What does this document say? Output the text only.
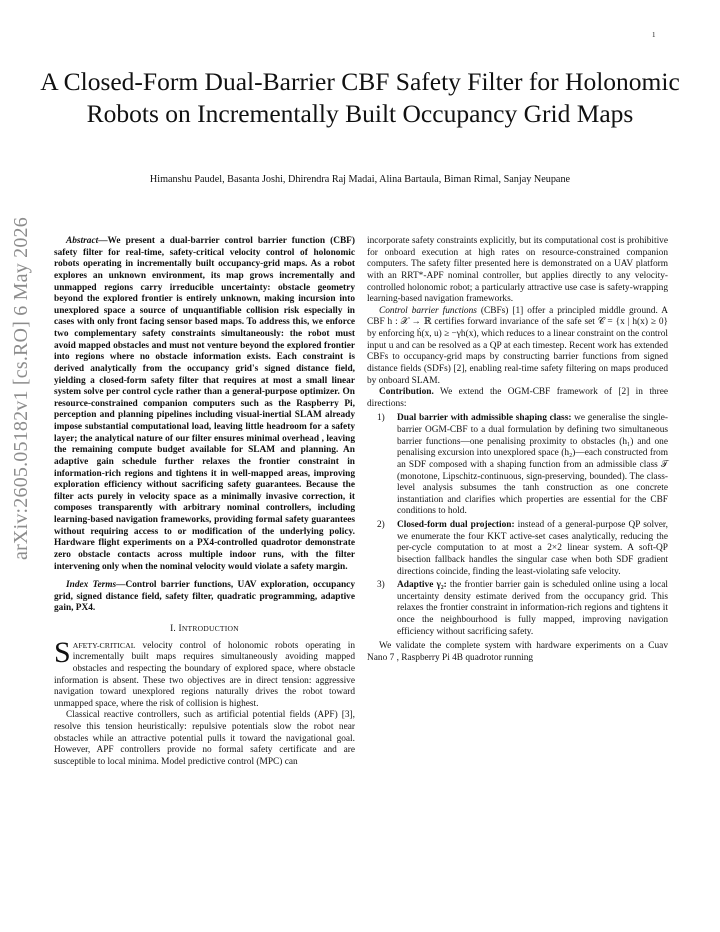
1
arXiv:2605.05182v1 [cs.RO] 6 May 2026
A Closed-Form Dual-Barrier CBF Safety Filter for Holonomic Robots on Incrementally Built Occupancy Grid Maps
Himanshu Paudel, Basanta Joshi, Dhirendra Raj Madai, Alina Bartaula, Biman Rimal, Sanjay Neupane

Abstract—We present a dual-barrier control barrier function (CBF) safety filter for real-time, safety-critical velocity control of holonomic robots operating in incrementally built occupancy-grid maps. As a robot explores an unknown environment, its map grows incrementally and unmapped regions carry irreducible uncertainty: obstacle geometry beyond the explored frontier is entirely unknown, making incursion into unexplored space a source of unquantifiable collision risk especially in cases with only front facing sensor based maps. To address this, we enforce two complementary safety constraints simultaneously: the robot must avoid mapped obstacles and must not venture beyond the explored frontier into regions where no obstacle information exists. Each constraint is derived analytically from the occupancy grid's signed distance field, yielding a closed-form safety filter that requires at most a small linear system solve per control cycle rather than a general-purpose optimizer. On resource-constrained companion computers such as the Raspberry Pi, perception and planning pipelines including visual-inertial SLAM already impose substantial computational load, leaving little headroom for a safety layer; the analytical nature of our filter ensures minimal overhead , leaving the remaining compute budget available for SLAM and planning. An adaptive gain schedule further relaxes the frontier constraint in information-rich regions and tightens it in well-mapped areas, improving exploration efficiency without sacrificing safety guarantees. Because the filter acts purely in velocity space as a minimally invasive correction, it composes transparently with arbitrary nominal controllers, including learning-based navigation frameworks, providing formal safety guarantees without requiring access to or modification of the underlying policy. Hardware flight experiments on a PX4-controlled quadrotor demonstrate zero obstacle contacts across multiple indoor runs, with the filter intervening only when the nominal velocity would violate a safety margin.

Index Terms—Control barrier functions, UAV exploration, occupancy grid, signed distance field, safety filter, quadratic programming, adaptive gain, PX4.

I. INTRODUCTION

SAFETY-CRITICAL velocity control of holonomic robots operating in incrementally built maps requires simultaneously avoiding mapped obstacles and respecting the boundary of explored space, where obstacle information is absent. These two objectives are in direct tension: aggressive navigation toward unexplored regions naturally drives the robot toward unmapped space, where the risk of collision is highest.

Classical reactive controllers, such as artificial potential fields (APF) [3], resolve this tension heuristically: repulsive potentials slow the robot near obstacles while an attractive potential pulls it toward the navigational goal. However, APF controllers provide no formal safety certificate and are susceptible to local minima. Model predictive control (MPC) can

incorporate safety constraints explicitly, but its computational cost is prohibitive for onboard execution at high rates on resource-constrained companion computers. The safety filter presented here is demonstrated on a UAV platform with an RRT*-APF nominal controller, but applies directly to any velocity-controlled holonomic robot; a particularly attractive use case is safety-wrapping learning-based navigation frameworks.

Control barrier functions (CBFs) [1] offer a principled middle ground. A CBF h : 𝒳 → ℝ certifies forward invariance of the safe set 𝒞 = {x | h(x) ≥ 0} by enforcing ḣ(x, u) ≥ −γh(x), which reduces to a linear constraint on the control input u and can be resolved as a QP at each timestep. Recent work has extended CBFs to occupancy-grid maps by constructing barrier functions from signed distance fields (SDFs) [2], enabling real-time safety filtering on maps produced by onboard SLAM.

Contribution. We extend the OGM-CBF framework of [2] in three directions:

1) Dual barrier with admissible shaping class: we generalise the single-barrier OGM-CBF to a dual formulation by defining two simultaneous barrier functions—one penalising proximity to obstacles (h₁) and one penalising excursion into unexplored space (h₂)—each constructed from an SDF composed with a shaping function from an admissible class 𝒯 (monotone, Lipschitz-continuous, sign-preserving, bounded). The class-level analysis subsumes the tanh construction as one concrete instantiation and clarifies which properties are essential for the CBF conditions to hold.
2) Closed-form dual projection: instead of a general-purpose QP solver, we enumerate the four KKT active-set cases analytically, reducing the per-cycle computation to at most a 2×2 linear system. A soft-QP bisection fallback handles the singular case when both SDF gradient directions coincide, finding the least-violating safe velocity.
3) Adaptive γ₂: the frontier barrier gain is scheduled online using a local uncertainty density estimate derived from the occupancy grid. This relaxes the frontier constraint in information-rich regions and tightens it once the neighbourhood is fully mapped, improving navigation efficiency without sacrificing safety.

We validate the complete system with hardware experiments on a Cuav Nano 7 , Raspberry Pi 4B quadrotor running
